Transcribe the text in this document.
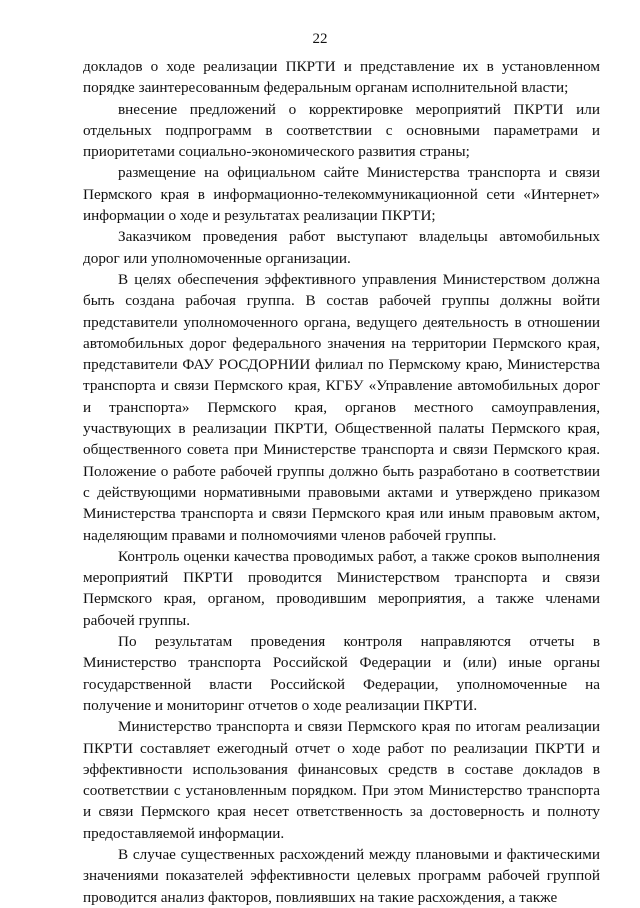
22

докладов о ходе реализации ПКРТИ и представление их в установленном порядке заинтересованным федеральным органам исполнительной власти;

внесение предложений о корректировке мероприятий ПКРТИ или отдельных подпрограмм в соответствии с основными параметрами и приоритетами социально-экономического развития страны;

размещение на официальном сайте Министерства транспорта и связи Пермского края в информационно-телекоммуникационной сети «Интернет» информации о ходе и результатах реализации ПКРТИ;

Заказчиком проведения работ выступают владельцы автомобильных дорог или уполномоченные организации.

В целях обеспечения эффективного управления Министерством должна быть создана рабочая группа. В состав рабочей группы должны войти представители уполномоченного органа, ведущего деятельность в отношении автомобильных дорог федерального значения на территории Пермского края, представители ФАУ РОСДОРНИИ филиал по Пермскому краю, Министерства транспорта и связи Пермского края, КГБУ «Управление автомобильных дорог и транспорта» Пермского края, органов местного самоуправления, участвующих в реализации ПКРТИ, Общественной палаты Пермского края, общественного совета при Министерстве транспорта и связи Пермского края. Положение о работе рабочей группы должно быть разработано в соответствии с действующими нормативными правовыми актами и утверждено приказом Министерства транспорта и связи Пермского края или иным правовым актом, наделяющим правами и полномочиями членов рабочей группы.

Контроль оценки качества проводимых работ, а также сроков выполнения мероприятий ПКРТИ проводится Министерством транспорта и связи Пермского края, органом, проводившим мероприятия, а также членами рабочей группы.

По результатам проведения контроля направляются отчеты в Министерство транспорта Российской Федерации и (или) иные органы государственной власти Российской Федерации, уполномоченные на получение и мониторинг отчетов о ходе реализации ПКРТИ.

Министерство транспорта и связи Пермского края по итогам реализации ПКРТИ составляет ежегодный отчет о ходе работ по реализации ПКРТИ и эффективности использования финансовых средств в составе докладов в соответствии с установленным порядком. При этом Министерство транспорта и связи Пермского края несет ответственность за достоверность и полноту предоставляемой информации.

В случае существенных расхождений между плановыми и фактическими значениями показателей эффективности целевых программ рабочей группой проводится анализ факторов, повлиявших на такие расхождения, а также
